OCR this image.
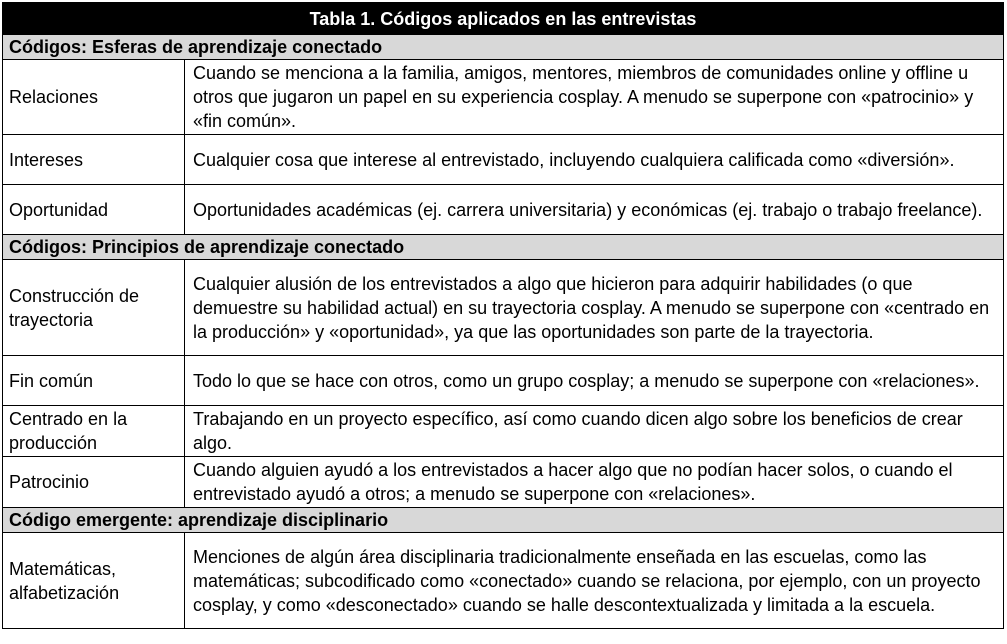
Tabla 1. Códigos aplicados en las entrevistas	
Códigos: Esferas de aprendizaje conectado	
Relaciones	Cuando se menciona a la familia, amigos, mentores, miembros de comunidades online y offline u otros que jugaron un papel en su experiencia cosplay. A menudo se superpone con «patrocinio» y «fin común».
Intereses	Cualquier cosa que interese al entrevistado, incluyendo cualquiera calificada como «diversión».
Oportunidad	Oportunidades académicas (ej. carrera universitaria) y económicas (ej. trabajo o trabajo freelance).
Códigos: Principios de aprendizaje conectado	
Construcción de trayectoria	Cualquier alusión de los entrevistados a algo que hicieron para adquirir habilidades (o que demuestre su habilidad actual) en su trayectoria cosplay. A menudo se superpone con «centrado en la producción» y «oportunidad», ya que las oportunidades son parte de la trayectoria.
Fin común	Todo lo que se hace con otros, como un grupo cosplay; a menudo se superpone con «relaciones».
Centrado en la producción	Trabajando en un proyecto específico, así como cuando dicen algo sobre los beneficios de crear algo.
Patrocinio	Cuando alguien ayudó a los entrevistados a hacer algo que no podían hacer solos, o cuando el entrevistado ayudó a otros; a menudo se superpone con «relaciones».
Código emergente: aprendizaje disciplinario	
Matemáticas, alfabetización	Menciones de algún área disciplinaria tradicionalmente enseñada en las escuelas, como las matemáticas; subcodificado como «conectado» cuando se relaciona, por ejemplo, con un proyecto cosplay, y como «desconectado» cuando se halle descontextualizada y limitada a la escuela.
